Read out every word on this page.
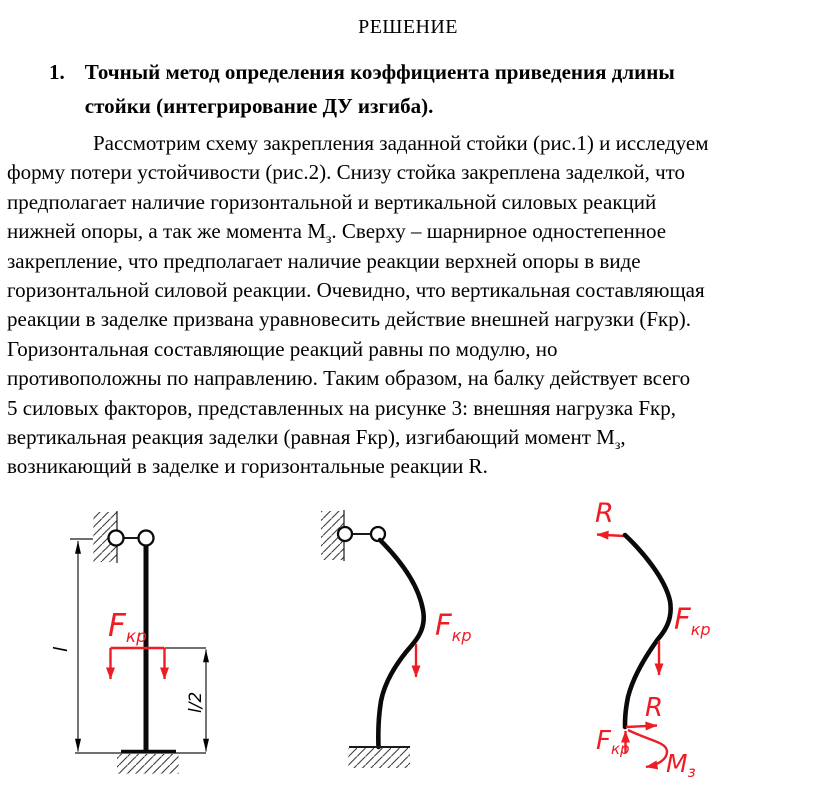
РЕШЕНИЕ
1. Точный метод определения коэффициента приведения длины
стойки (интегрирование ДУ изгиба).
Рассмотрим схему закрепления заданной стойки (рис.1) и исследуем
форму потери устойчивости (рис.2). Снизу стойка закреплена заделкой, что
предполагает наличие горизонтальной и вертикальной силовых реакций
нижней опоры, а так же момента $М_з$. Сверху – шарнирное одностепенное
закрепление, что предполагает наличие реакции верхней опоры в виде
горизонтальной силовой реакции. Очевидно, что вертикальная составляющая
реакции в заделке призвана уравновесить действие внешней нагрузки (Fкр).
Горизонтальная составляющие реакций равны по модулю, но
противоположны по направлению. Таким образом, на балку действует всего
5 силовых факторов, представленных на рисунке 3: внешняя нагрузка Fкр,
вертикальная реакция заделки (равная Fкр), изгибающий момент $М_з$,
возникающий в заделке и горизонтальные реакции R.
l
l/2
Fкр	$F_{кр}$
R
$F_{кр}$
R
Fкр $M_з$
